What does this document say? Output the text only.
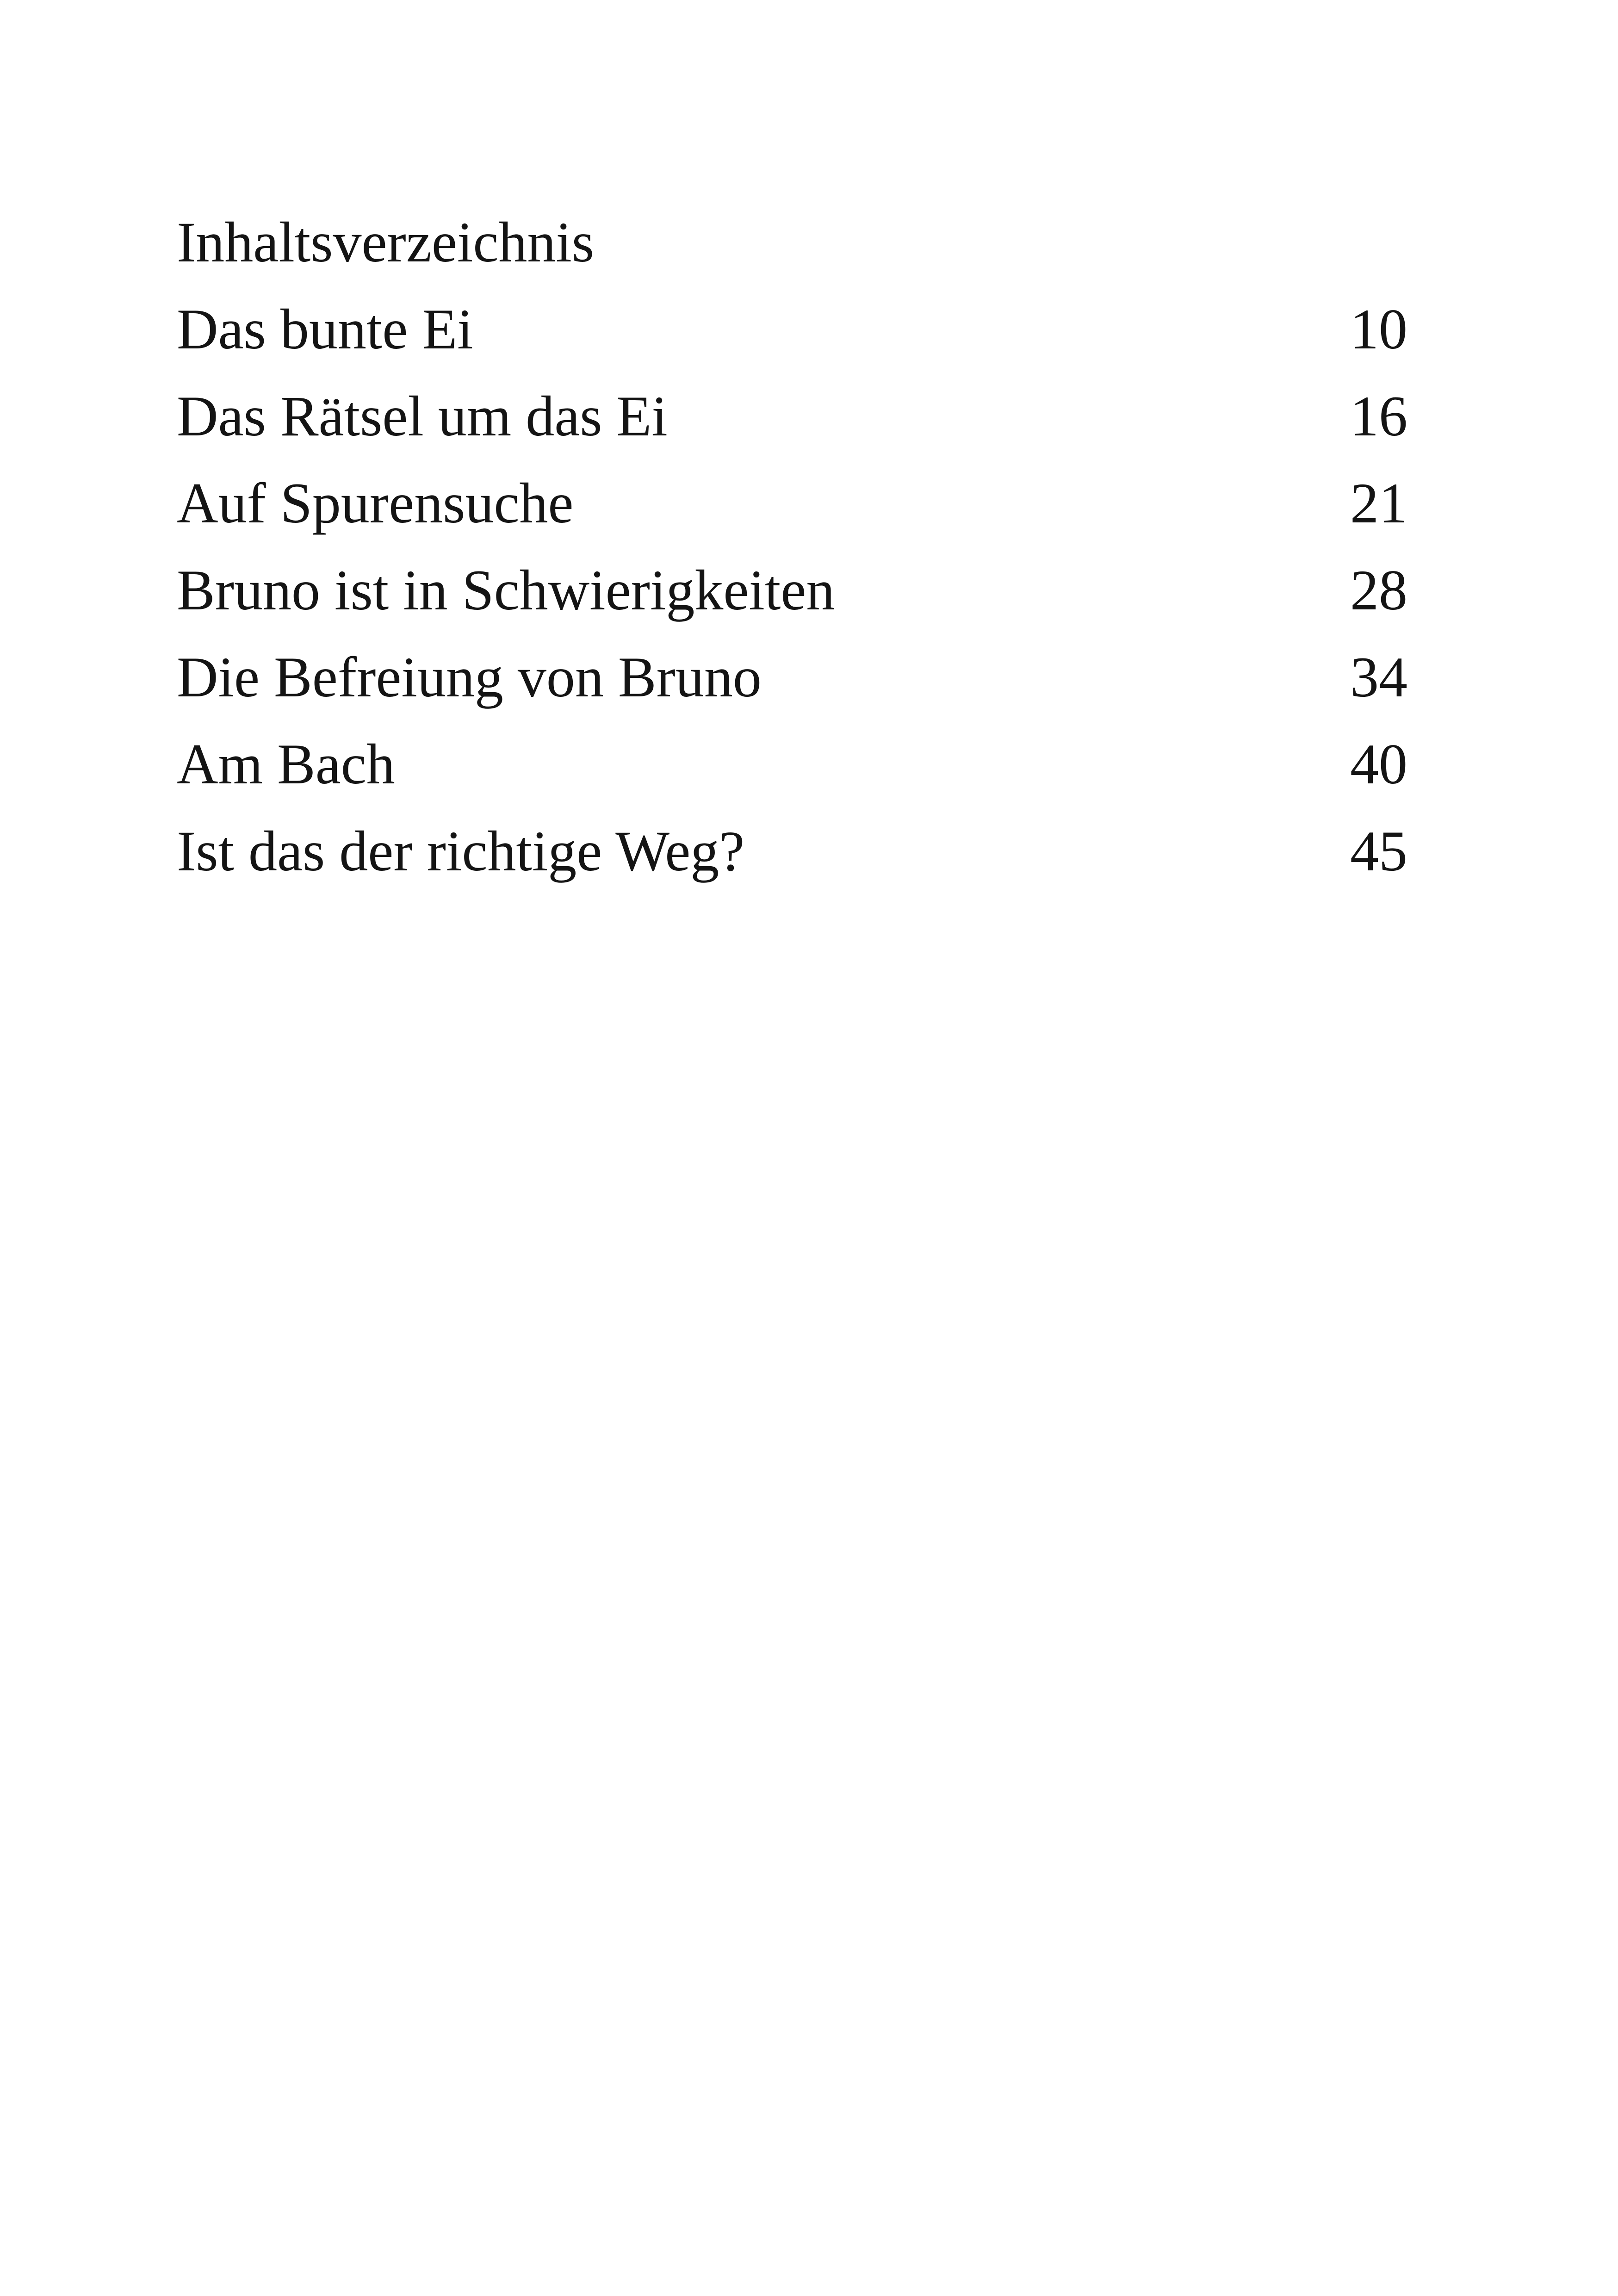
Inhaltsverzeichnis
Das bunte Ei	10
Das Rätsel um das Ei	16
Auf Spurensuche	21
Bruno ist in Schwierigkeiten	28
Die Befreiung von Bruno	34
Am Bach	40
Ist das der richtige Weg?	45
